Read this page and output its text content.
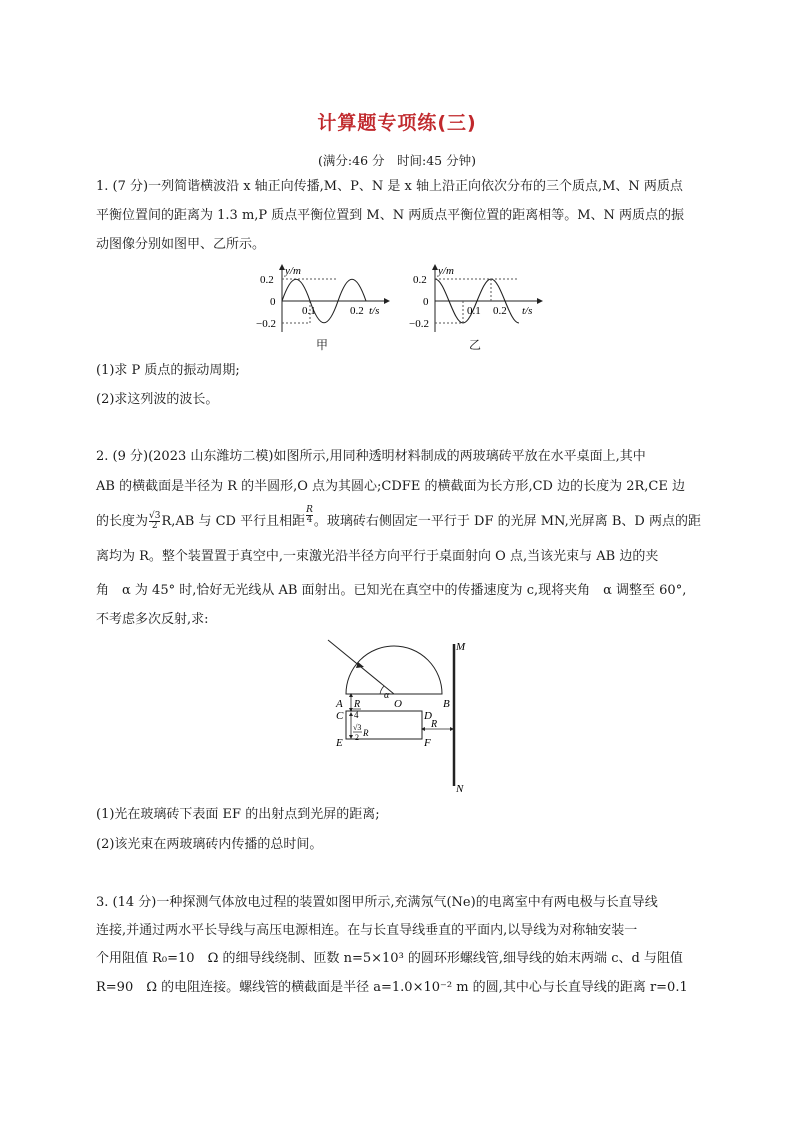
计算题专项练(三)
(满分:46 分　时间:45 分钟)
1. (7 分)一列简谐横波沿 x 轴正向传播,M、P、N 是 x 轴上沿正向依次分布的三个质点,M、N 两质点
平衡位置间的距离为 1.3 m,P 质点平衡位置到 M、N 两质点平衡位置的距离相等。M、N 两质点的振
动图像分别如图甲、乙所示。
y/m
0.2
0
−0.2
0.1	0.2 t/s
甲
y/m
0.2
0
−0.2
0.1 0.2 t/s
乙
(1)求 P 质点的振动周期;
(2)求这列波的波长。
2. (9 分)(2023 山东潍坊二模)如图所示,用同种透明材料制成的两玻璃砖平放在水平桌面上,其中
AB 的横截面是半径为 R 的半圆形,O 点为其圆心;CDFE 的横截面为长方形,CD 边的长度为 2R,CE 边
的长度为 √3
2 R,AB 与 CD 平行且相距
R
4 。玻璃砖右侧固定一平行于 DF 的光屏 MN,光屏离 B、D 两点的距
离均为 R。整个装置置于真空中,一束激光沿半径方向平行于桌面射向 O 点,当该光束与 AB 边的夹
角　α 为 45° 时,恰好无光线从 AB 面射出。已知光在真空中的传播速度为 c,现将夹角　α 调整至 60°,
不考虑多次反射,求:
M
N
A	B
C	D
E	F
O
α
R
4
√3
2 R
R
(1)光在玻璃砖下表面 EF 的出射点到光屏的距离;
(2)该光束在两玻璃砖内传播的总时间。
3. (14 分)一种探测气体放电过程的装置如图甲所示,充满氖气(Ne)的电离室中有两电极与长直导线
连接,并通过两水平长导线与高压电源相连。在与长直导线垂直的平面内,以导线为对称轴安装一
个用阻值 R₀=10　Ω 的细导线绕制、匝数 n=5×10³ 的圆环形螺线管,细导线的始末两端 c、d 与阻值
R=90　Ω 的电阻连接。螺线管的横截面是半径 a=1.0×10⁻² m 的圆,其中心与长直导线的距离 r=0.1
